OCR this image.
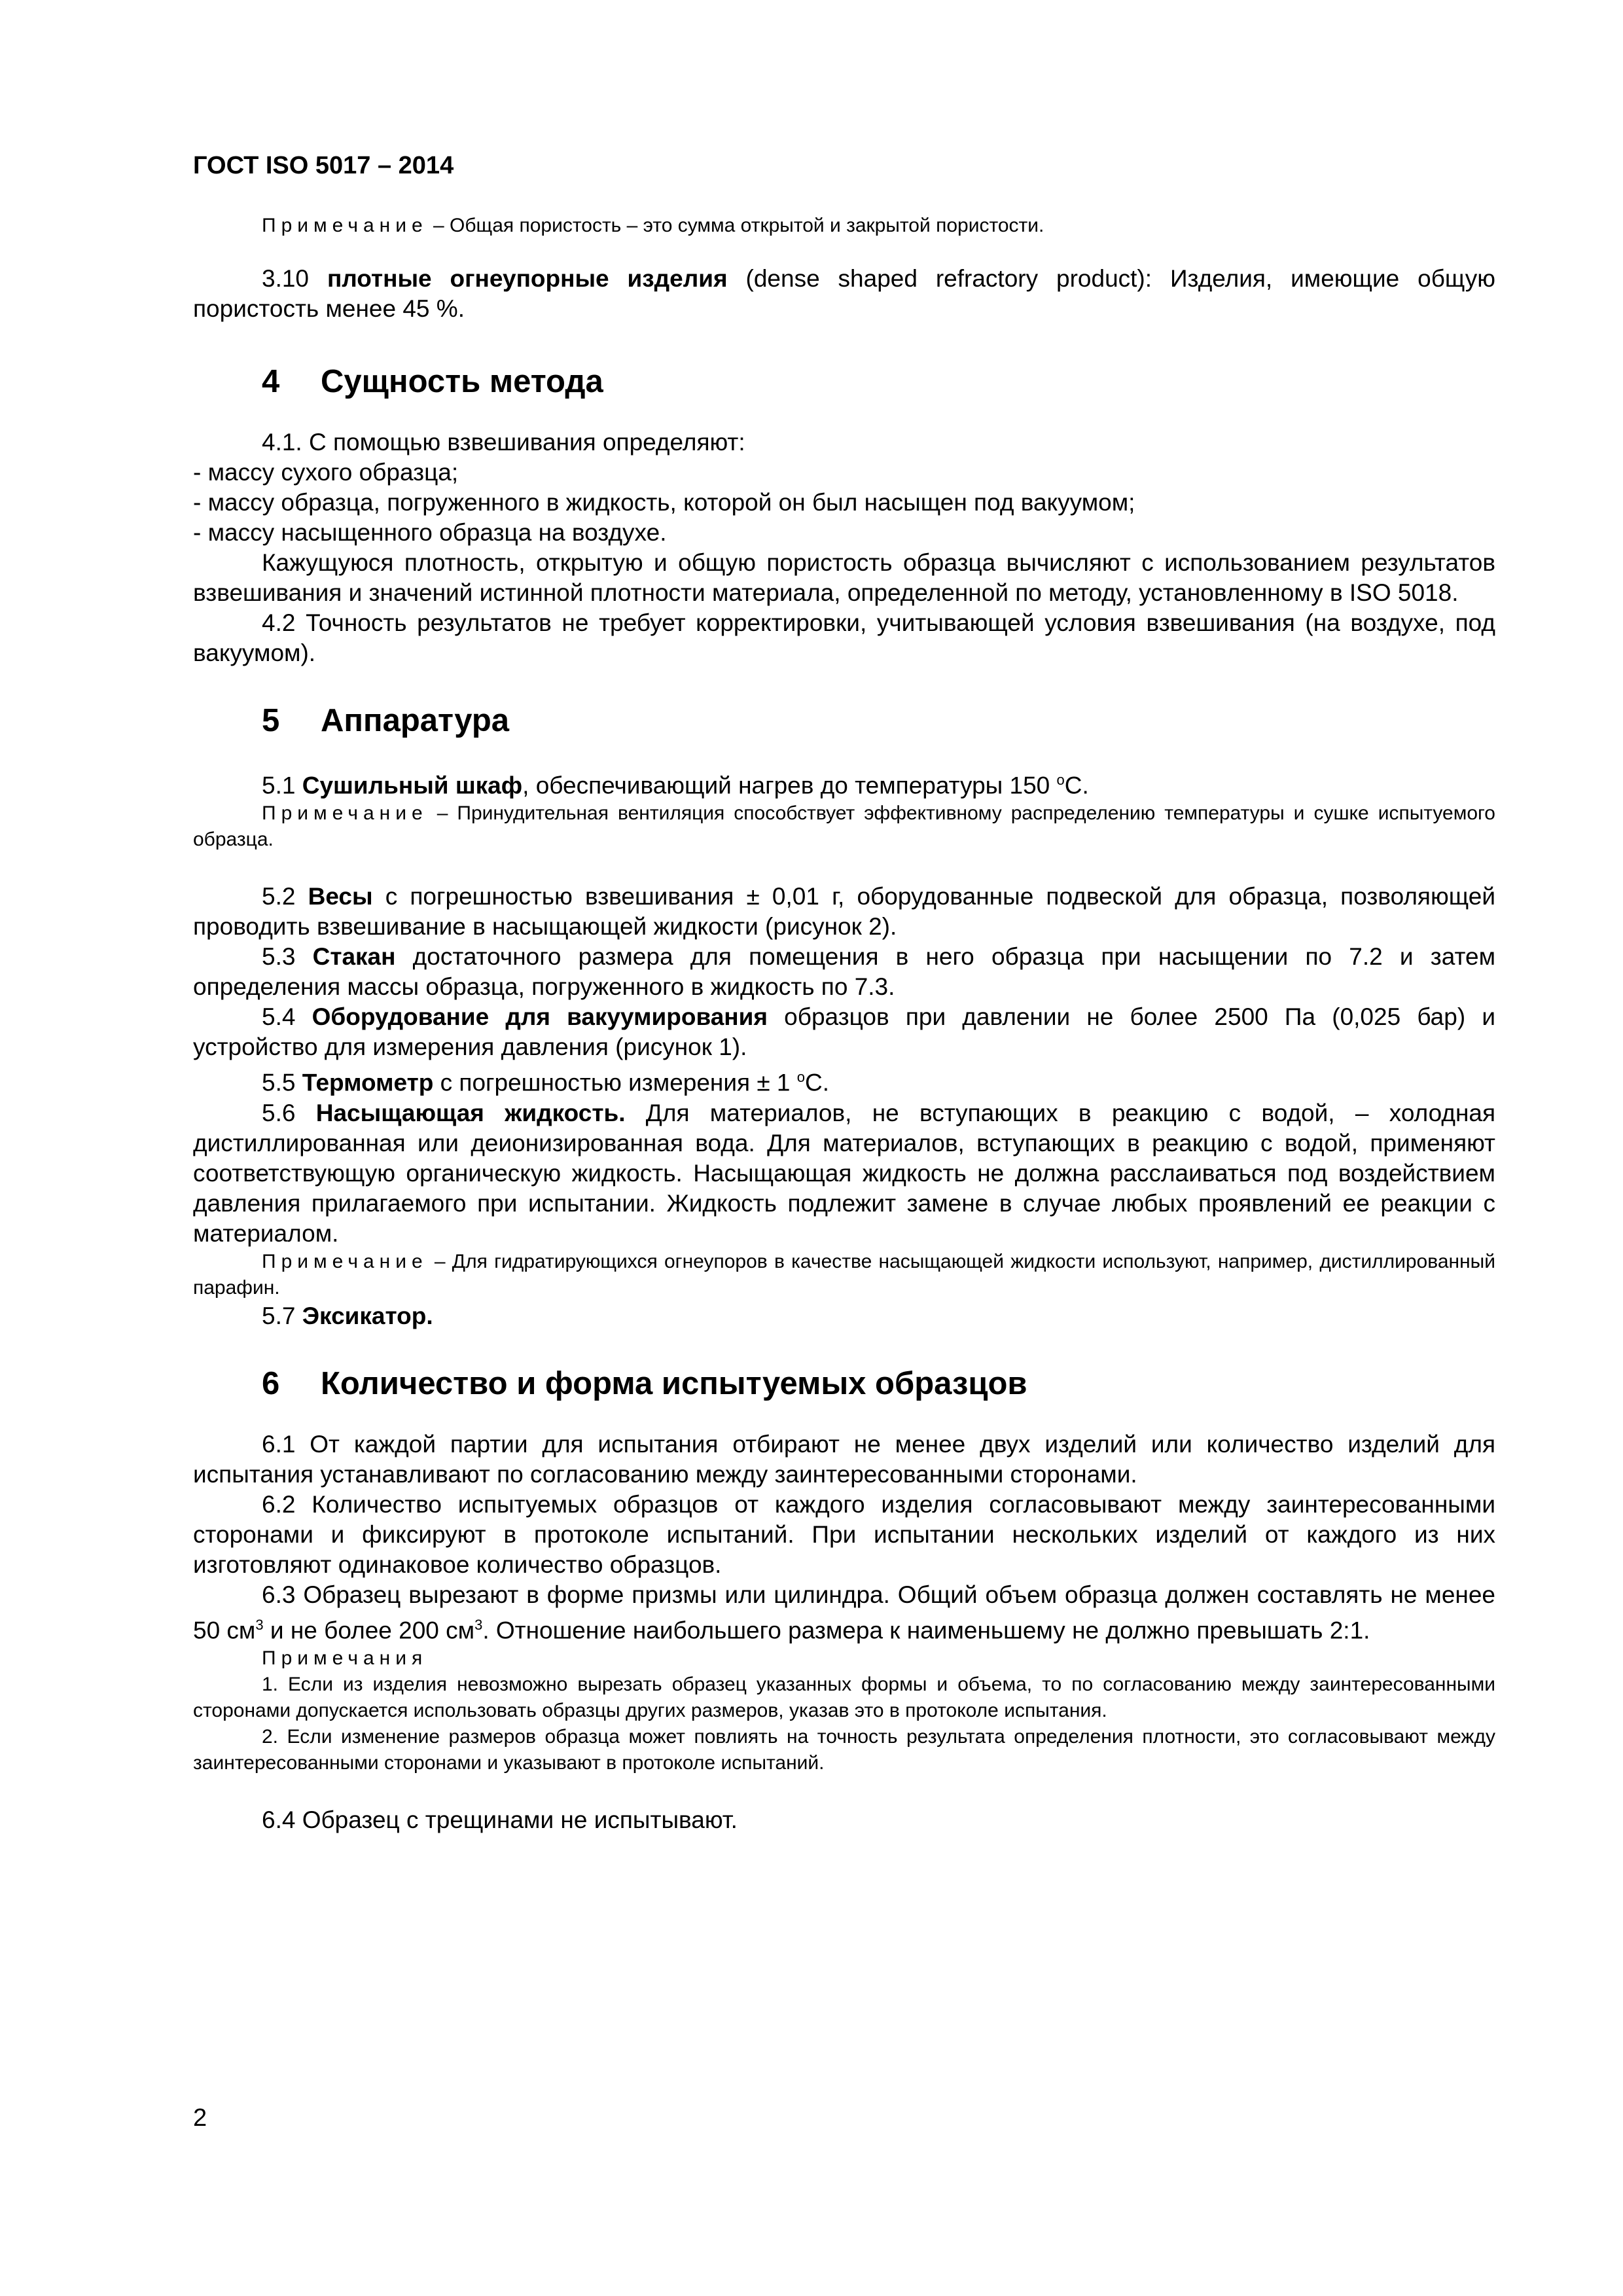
ГОСТ ISO 5017 – 2014

Примечание – Общая пористость – это сумма открытой и закрытой пористости.

3.10 плотные огнеупорные изделия (dense shaped refractory product): Изделия, имеющие общую пористость менее 45 %.

4 Сущность метода

4.1. С помощью взвешивания определяют:

- массу сухого образца;

- массу образца, погруженного в жидкость, которой он был насыщен под вакуумом;

- массу насыщенного образца на воздухе.

Кажущуюся плотность, открытую и общую пористость образца вычисляют с использованием результатов взвешивания и значений истинной плотности материала, определенной по методу, установленному в ISO 5018.

4.2 Точность результатов не требует корректировки, учитывающей условия взвешивания (на воздухе, под вакуумом).

5 Аппаратура

5.1 Сушильный шкаф, обеспечивающий нагрев до температуры 150 $^o$С.

Примечание – Принудительная вентиляция способствует эффективному распределению температуры и сушке испытуемого образца.

5.2 Весы с погрешностью взвешивания ± 0,01 г, оборудованные подвеской для образца, позволяющей проводить взвешивание в насыщающей жидкости (рисунок 2).

5.3 Стакан достаточного размера для помещения в него образца при насыщении по 7.2 и затем определения массы образца, погруженного в жидкость по 7.3.

5.4 Оборудование для вакуумирования образцов при давлении не более 2500 Па (0,025 бар) и устройство для измерения давления (рисунок 1).

5.5 Термометр с погрешностью измерения ± 1 $^o$С.

5.6 Насыщающая жидкость. Для материалов, не вступающих в реакцию с водой, – холодная дистиллированная или деионизированная вода. Для материалов, вступающих в реакцию с водой, применяют соответствующую органическую жидкость. Насыщающая жидкость не должна расслаиваться под воздействием давления прилагаемого при испытании. Жидкость подлежит замене в случае любых проявлений ее реакции с материалом.

Примечание – Для гидратирующихся огнеупоров в качестве насыщающей жидкости используют, например, дистиллированный парафин.

5.7 Эксикатор.

6 Количество и форма испытуемых образцов

6.1 От каждой партии для испытания отбирают не менее двух изделий или количество изделий для испытания устанавливают по согласованию между заинтересованными сторонами.

6.2 Количество испытуемых образцов от каждого изделия согласовывают между заинтересованными сторонами и фиксируют в протоколе испытаний. При испытании нескольких изделий от каждого из них изготовляют одинаковое количество образцов.

6.3 Образец вырезают в форме призмы или цилиндра. Общий объем образца должен составлять не менее 50 $см^3$ и не более 200 $см^3$. Отношение наибольшего размера к наименьшему не должно превышать 2:1.

Примечания

1. Если из изделия невозможно вырезать образец указанных формы и объема, то по согласованию между заинтересованными сторонами допускается использовать образцы других размеров, указав это в протоколе испытания.

2. Если изменение размеров образца может повлиять на точность результата определения плотности, это согласовывают между заинтересованными сторонами и указывают в протоколе испытаний.

6.4 Образец с трещинами не испытывают.

2
